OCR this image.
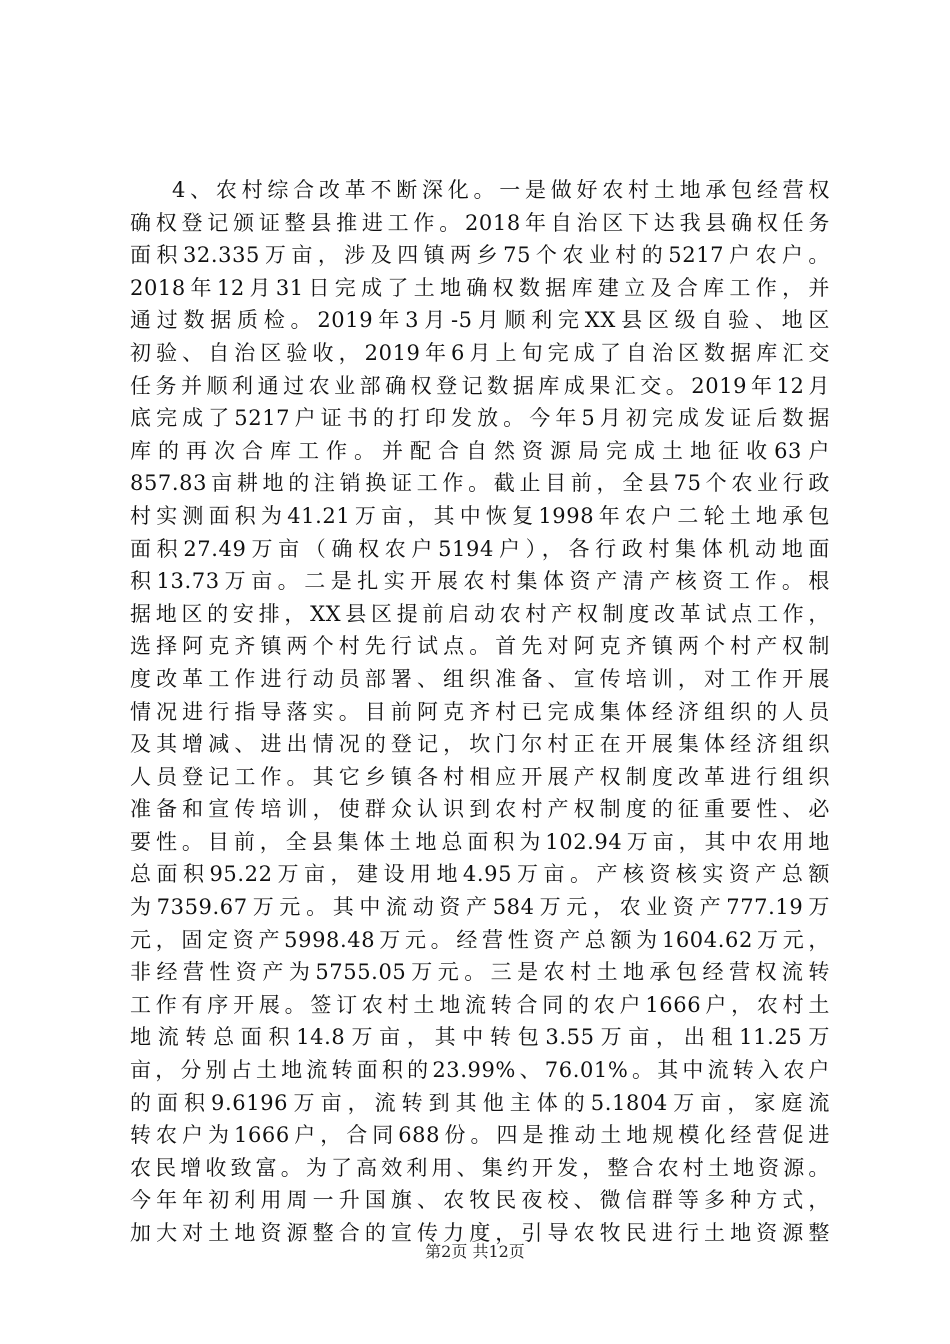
4、农村综合改革不断深化。一是做好农村土地承包经营权
确权登记颁证整县推进工作。2018年自治区下达我县确权任务
面积32.335万亩，涉及四镇两乡75个农业村的5217户农户。
2018年12月31日完成了土地确权数据库建立及合库工作，并
通过数据质检。2019年3月-5月顺利完XX县区级自验、地区
初验、自治区验收，2019年6月上旬完成了自治区数据库汇交
任务并顺利通过农业部确权登记数据库成果汇交。2019年12月
底完成了5217户证书的打印发放。今年5月初完成发证后数据
库的再次合库工作。并配合自然资源局完成土地征收63户
857.83亩耕地的注销换证工作。截止目前，全县75个农业行政
村实测面积为41.21万亩，其中恢复1998年农户二轮土地承包
面积27.49万亩（确权农户5194户），各行政村集体机动地面
积13.73万亩。二是扎实开展农村集体资产清产核资工作。根
据地区的安排，XX县区提前启动农村产权制度改革试点工作，
选择阿克齐镇两个村先行试点。首先对阿克齐镇两个村产权制
度改革工作进行动员部署、组织准备、宣传培训，对工作开展
情况进行指导落实。目前阿克齐村已完成集体经济组织的人员
及其增减、进出情况的登记，坎门尔村正在开展集体经济组织
人员登记工作。其它乡镇各村相应开展产权制度改革进行组织
准备和宣传培训，使群众认识到农村产权制度的征重要性、必
要性。目前，全县集体土地总面积为102.94万亩，其中农用地
总面积95.22万亩，建设用地4.95万亩。产核资核实资产总额
为7359.67万元。其中流动资产584万元，农业资产777.19万
元，固定资产5998.48万元。经营性资产总额为1604.62万元，
非经营性资产为5755.05万元。三是农村土地承包经营权流转
工作有序开展。签订农村土地流转合同的农户1666户，农村土
地流转总面积14.8万亩，其中转包3.55万亩，出租11.25万
亩，分别占土地流转面积的23.99%、76.01%。其中流转入农户
的面积9.6196万亩，流转到其他主体的5.1804万亩，家庭流
转农户为1666户，合同688份。四是推动土地规模化经营促进
农民增收致富。为了高效利用、集约开发，整合农村土地资源。
今年年初利用周一升国旗、农牧民夜校、微信群等多种方式，
加大对土地资源整合的宣传力度，引导农牧民进行土地资源整
第2页 共12页
